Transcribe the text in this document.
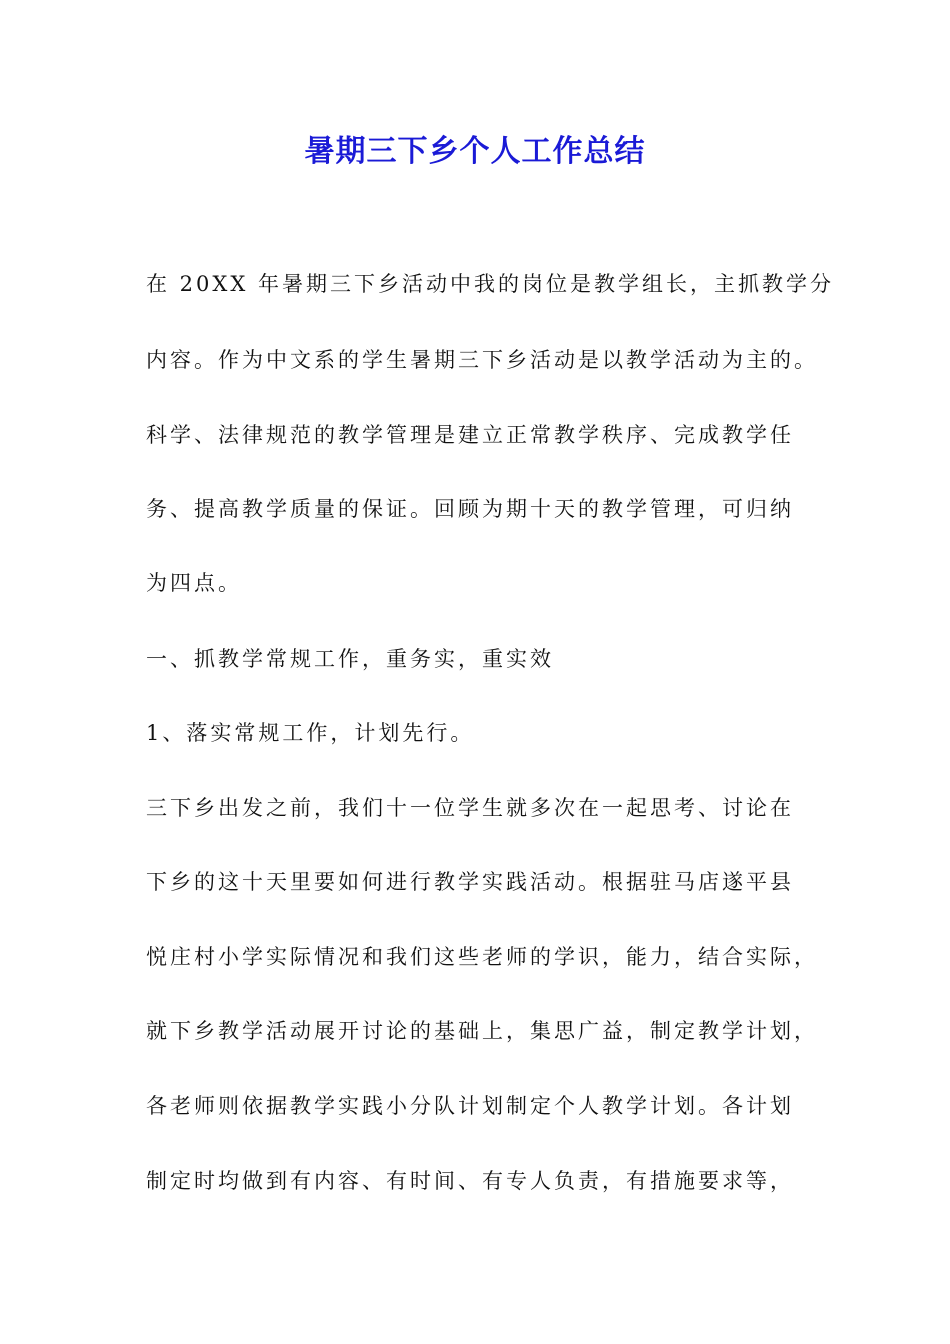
暑期三下乡个人工作总结

在 20XX 年暑期三下乡活动中我的岗位是教学组长，主抓教学分

内容。作为中文系的学生暑期三下乡活动是以教学活动为主的。

科学、法律规范的教学管理是建立正常教学秩序、完成教学任

务、提高教学质量的保证。回顾为期十天的教学管理，可归纳

为四点。

一、抓教学常规工作，重务实，重实效

1、落实常规工作，计划先行。

三下乡出发之前，我们十一位学生就多次在一起思考、讨论在

下乡的这十天里要如何进行教学实践活动。根据驻马店遂平县

悦庄村小学实际情况和我们这些老师的学识，能力，结合实际，

就下乡教学活动展开讨论的基础上，集思广益，制定教学计划，

各老师则依据教学实践小分队计划制定个人教学计划。各计划

制定时均做到有内容、有时间、有专人负责，有措施要求等，
